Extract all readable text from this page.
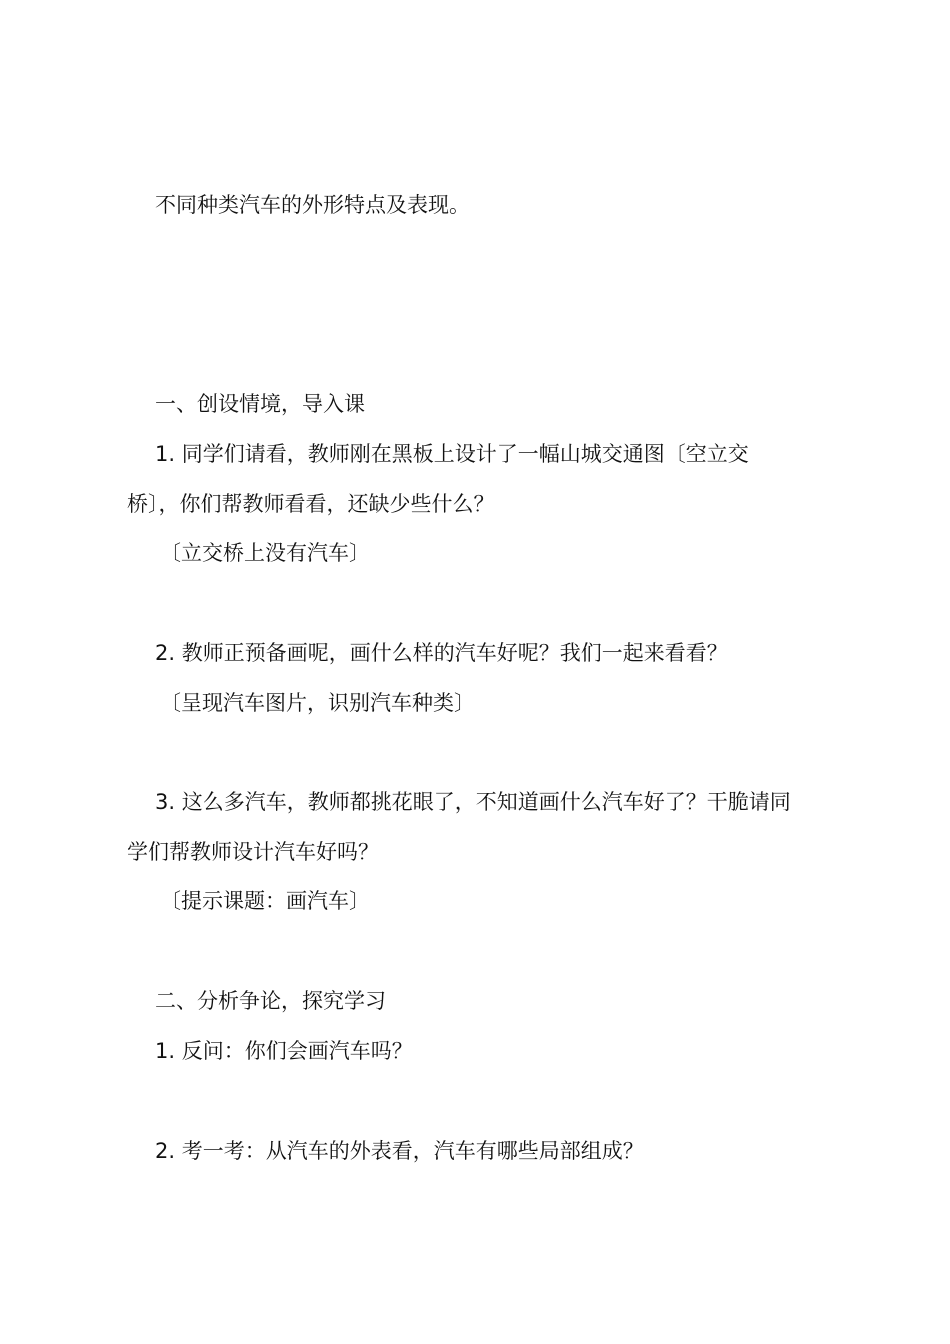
不同种类汽车的外形特点及表现。
一、创设情境，导入课
1. 同学们请看，教师刚在黑板上设计了一幅山城交通图〔空立交
桥〕，你们帮教师看看，还缺少些什么？
〔立交桥上没有汽车〕
2. 教师正预备画呢，画什么样的汽车好呢？我们一起来看看？
〔呈现汽车图片，识别汽车种类〕
3. 这么多汽车，教师都挑花眼了，不知道画什么汽车好了？干脆请同
学们帮教师设计汽车好吗？
〔提示课题：画汽车〕
二、分析争论，探究学习
1. 反问：你们会画汽车吗？
2. 考一考：从汽车的外表看，汽车有哪些局部组成？
